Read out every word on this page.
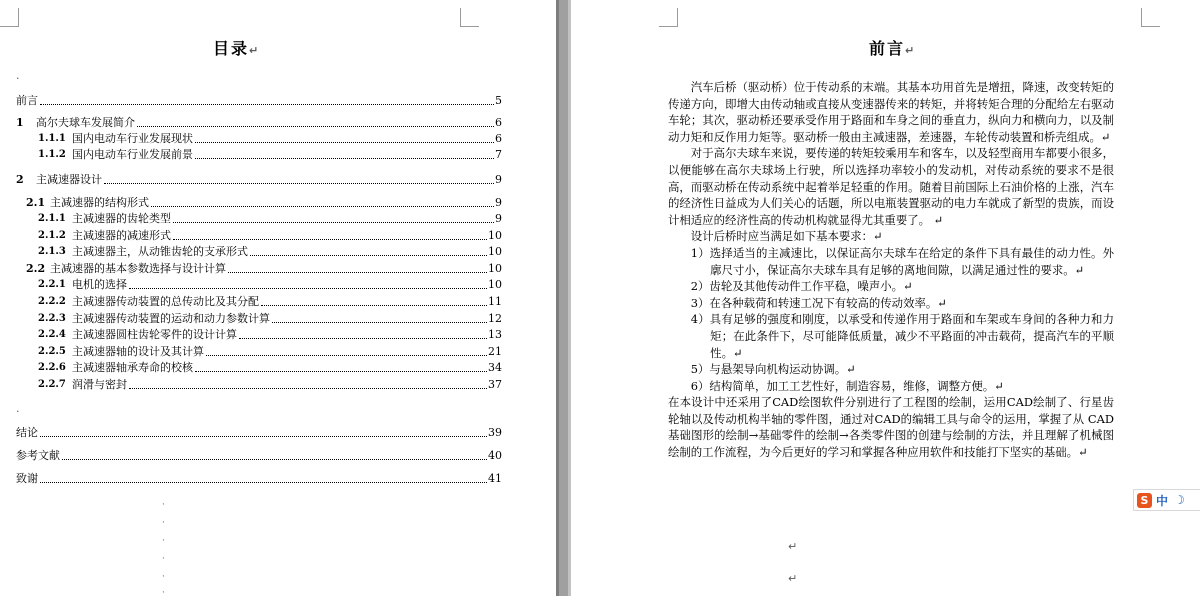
目录↵
·
前言	5
1	高尔夫球车发展简介	6
1.1.1 国内电动车行业发展现状	6
1.1.2 国内电动车行业发展前景	7
2	主减速器设计	9
2.1 主减速器的结构形式	9
2.1.1 主减速器的齿轮类型	9
2.1.2 主减速器的减速形式	10
2.1.3 主减速器主，从动锥齿轮的支承形式	10
2.2 主减速器的基本参数选择与设计计算	10
2.2.1 电机的选择	10
2.2.2 主减速器传动装置的总传动比及其分配	11
2.2.3 主减速器传动装置的运动和动力参数计算	12
2.2.4 主减速器圆柱齿轮零件的设计计算	13
2.2.5 主减速器轴的设计及其计算	21
2.2.6 主减速器轴承寿命的校核	34
2.2.7 润滑与密封	37
结论	39
参考文献	40
致谢	41
·
·
·
·
·
·
·
前言↵

汽车后桥（驱动桥）位于传动系的末端。其基本功用首先是增扭，降速，改变转矩的传递方向，即增大由传动轴或直接从变速器传来的转矩，并将转矩合理的分配给左右驱动车轮；其次，驱动桥还要承受作用于路面和车身之间的垂直力，纵向力和横向力，以及制动力矩和反作用力矩等。驱动桥一般由主减速器，差速器，车轮传动装置和桥壳组成。↵

对于高尔夫球车来说，要传递的转矩较乘用车和客车，以及轻型商用车都要小很多，以便能够在高尔夫球场上行驶，所以选择功率较小的发动机，对传动系统的要求不是很高，而驱动桥在传动系统中起着举足轻重的作用。随着目前国际上石油价格的上涨，汽车的经济性日益成为人们关心的话题，所以电瓶装置驱动的电力车就成了新型的贵族，而设计相适应的经济性高的传动机构就显得尤其重要了。 ↵

设计后桥时应当满足如下基本要求：↵

1）选择适当的主减速比，以保证高尔夫球车在给定的条件下具有最佳的动力性。外廓尺寸小，保证高尔夫球车具有足够的离地间隙，以满足通过性的要求。↵

2）齿轮及其他传动件工作平稳，噪声小。↵

3）在各种载荷和转速工况下有较高的传动效率。↵

4）具有足够的强度和刚度，以承受和传递作用于路面和车架或车身间的各种力和力矩；在此条件下，尽可能降低质量，减少不平路面的冲击载荷，提高汽车的平顺性。↵

5）与悬架导向机构运动协调。↵

6）结构简单，加工工艺性好，制造容易，维修，调整方便。↵

在本设计中还采用了CAD绘图软件分别进行了工程图的绘制，运用CAD绘制了、行星齿轮轴以及传动机构半轴的零件图，通过对CAD的编辑工具与命令的运用，掌握了从 CAD 基础图形的绘制→基础零件的绘制→各类零件图的创建与绘制的方法，并且理解了机械图绘制的工作流程，为今后更好的学习和掌握各种应用软件和技能打下坚实的基础。↵

↵
↵
S 中 ☽
